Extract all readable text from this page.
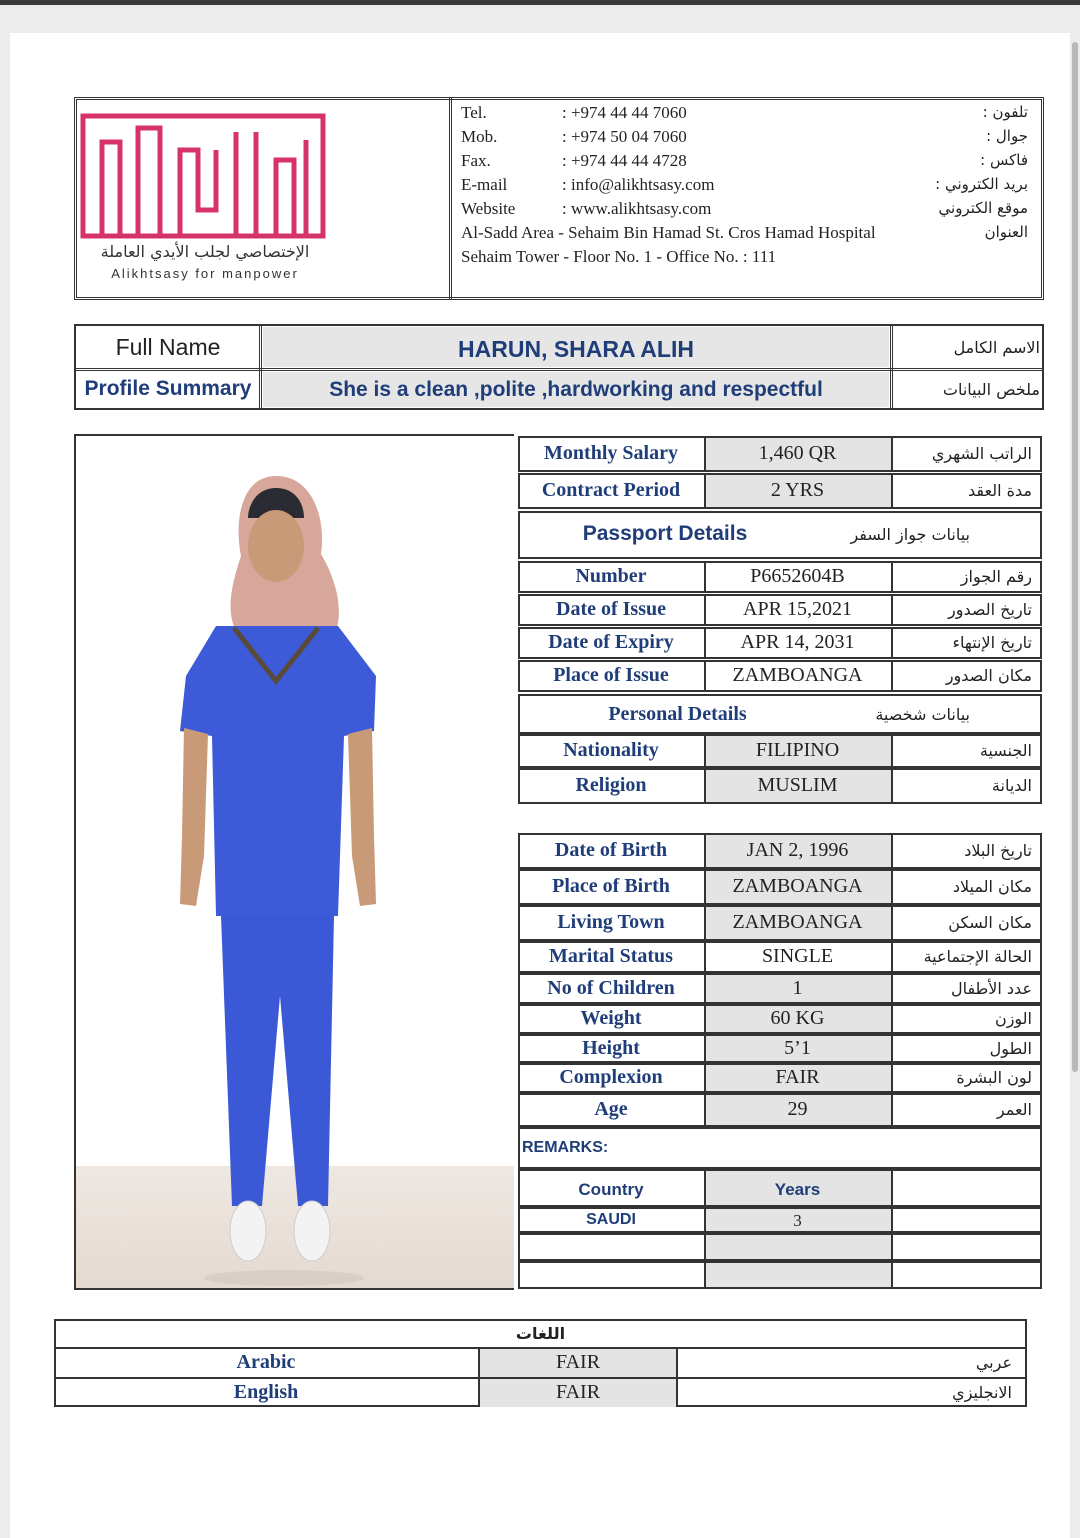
الإختصاصي لجلب الأيدي العاملة
Alikhtsasy for manpower
Tel.	: +974 44 44 7060	تلفون :
Mob.	: +974 50 04 7060	جوال :
Fax.	: +974 44 44 4728	فاكس :
E-mail	: info@alikhtsasy.com	بريد الكتروني :
Website	: www.alikhtsasy.com	موقع الكتروني
Al-Sadd Area - Sehaim Bin Hamad St. Cros Hamad Hospital
Sehaim Tower - Floor No. 1 - Office No. : 111
العنوان
Full Name	HARUN, SHARA ALIH	الاسم الكامل
Profile Summary	She is a clean ,polite ,hardworking and respectful	ملخص البيانات
Monthly Salary	1,460 QR	الراتب الشهري
Contract Period	2 YRS	مدة العقد
Passport Details	بيانات جواز السفر
Number	P6652604B	رقم الجواز
Date of Issue	APR 15,2021	تاريخ الصدور
Date of Expiry	APR 14, 2031	تاريخ الإنتهاء
Place of Issue	ZAMBOANGA	مكان الصدور
Personal Details	بيانات شخصية
Nationality	FILIPINO	الجنسية
Religion	MUSLIM	الديانة
Date of Birth	JAN 2, 1996	تاريخ البلاد
Place of Birth	ZAMBOANGA	مكان الميلاد
Living Town	ZAMBOANGA	مكان السكن
Marital Status	SINGLE	الحالة الإجتماعية
No of Children	1	عدد الأطفال
Weight	60 KG	الوزن
Height	5’1	الطول
Complexion	FAIR	لون البشرة
Age	29	العمر
REMARKS:
Country	Years
SAUDI	3
اللغات
Arabic	FAIR	عربي
English	FAIR	الانجليزي
